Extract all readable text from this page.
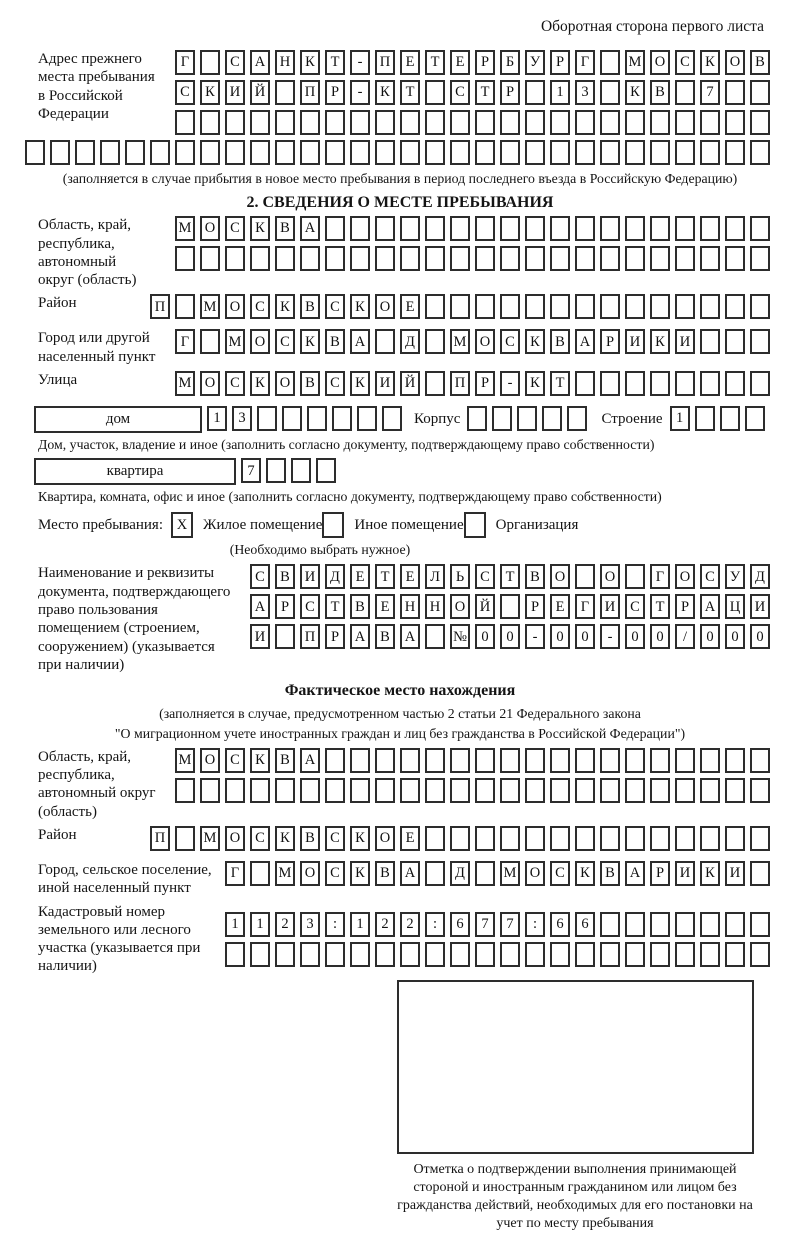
Оборотная сторона первого листа
Адрес прежнего места пребывания в Российской Федерации
Г	С А Н К Т - П Е Т Е Р Б У Р Г	М О С К О В
С К И Й	П Р - К Т	С Т Р	1 3	К В	7
(заполняется в случае прибытия в новое место пребывания в период последнего въезда в Российскую Федерацию)
2. СВЕДЕНИЯ О МЕСТЕ ПРЕБЫВАНИЯ
Область, край, республика, автономный округ (область)
М О С К В А
Район	П	М О С К В С К О Е
Город или другой населенный пункт
Г	М О С К В А	Д	М О С К В А Р И К И
Улица	М О С К О В С К И Й	П Р - К Т
дом	1 3	Корпус	Строение 1
Дом, участок, владение и иное (заполнить согласно документу, подтверждающему право собственности)
квартира	7
Квартира, комната, офис и иное (заполнить согласно документу, подтверждающему право собственности)
Место пребывания: X	Жилое помещение Иное помещение Организация
(Необходимо выбрать нужное)
Наименование и реквизиты документа, подтверждающего право пользования помещением (строением, сооружением) (указывается при наличии)
С В И Д Е Т Е Л Ь С Т В О	О	Г О С У Д
А Р С Т В Е Н Н О Й	Р Е Г И С Т Р А Ц И
И	П Р А В А	№ 0 0 - 0 0 - 0 0 / 0 0 0
Фактическое место нахождения
(заполняется в случае, предусмотренном частью 2 статьи 21 Федерального закона
"О миграционном учете иностранных граждан и лиц без гражданства в Российской Федерации")
Область, край, республика, автономный округ (область)
М О С К В А
Район	П	М О С К В С К О Е
Город, сельское поселение, иной населенный пункт
Г	М О С К В А	Д	М О С К В А Р И К И
Кадастровый номер земельного или лесного участка (указывается при наличии)
1 1 2 3 : 1 2 2 : 6 7 7 : 6 6
Отметка о подтверждении выполнения принимающей стороной и иностранным гражданином или лицом без гражданства действий, необходимых для его постановки на учет по месту пребывания
